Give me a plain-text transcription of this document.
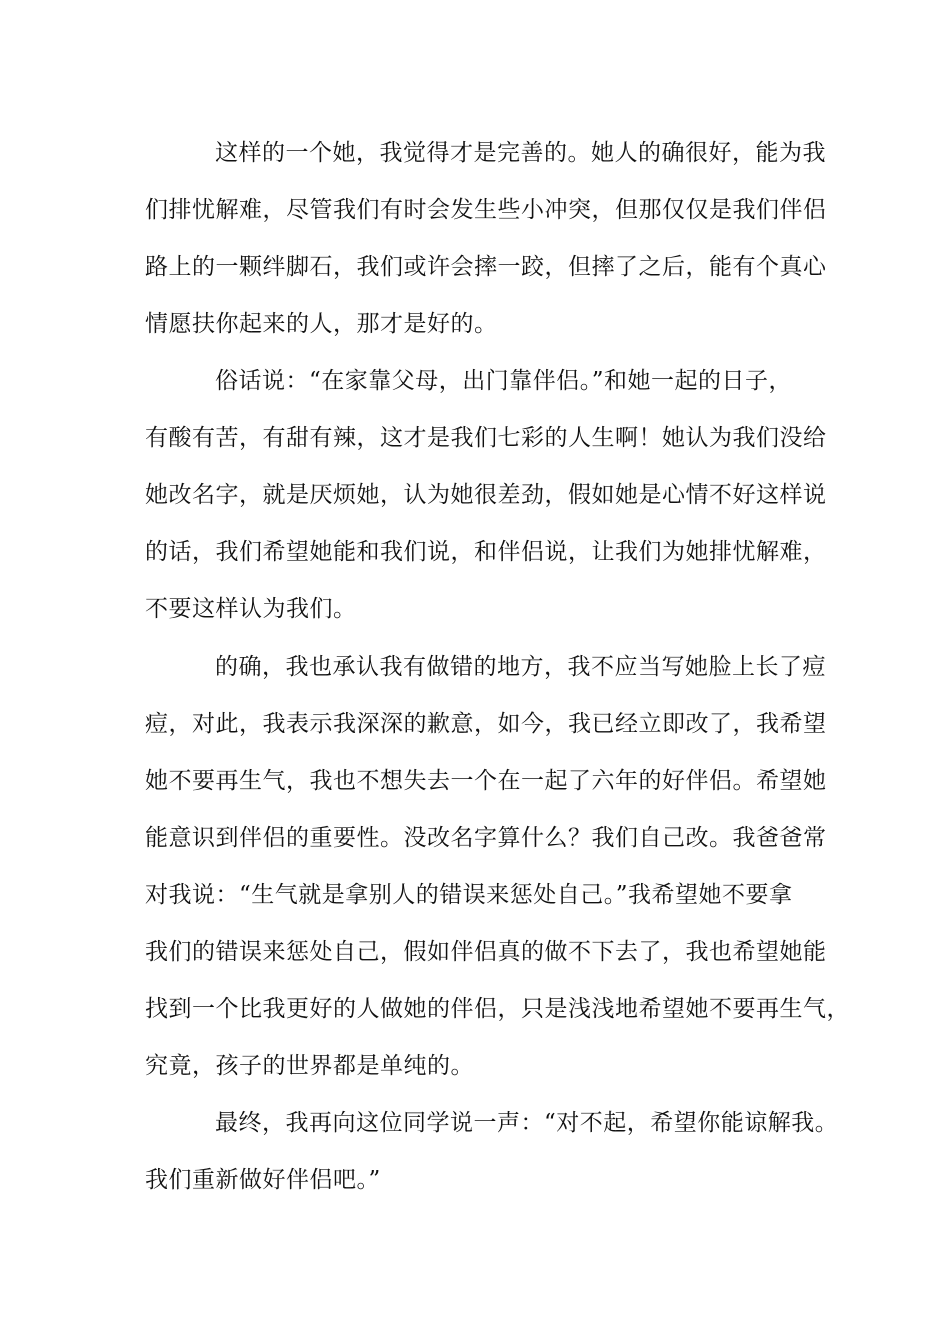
这样的一个她，我觉得才是完善的。她人的确很好，能为我
们排忧解难，尽管我们有时会发生些小冲突，但那仅仅是我们伴侣
路上的一颗绊脚石，我们或许会摔一跤，但摔了之后，能有个真心
情愿扶你起来的人，那才是好的。
俗话说：“在家靠父母，出门靠伴侣。”和她一起的日子，
有酸有苦，有甜有辣，这才是我们七彩的人生啊！她认为我们没给
她改名字，就是厌烦她，认为她很差劲，假如她是心情不好这样说
的话，我们希望她能和我们说，和伴侣说，让我们为她排忧解难，
不要这样认为我们。
的确，我也承认我有做错的地方，我不应当写她脸上长了痘
痘，对此，我表示我深深的歉意，如今，我已经立即改了，我希望
她不要再生气，我也不想失去一个在一起了六年的好伴侣。希望她
能意识到伴侣的重要性。没改名字算什么？我们自己改。我爸爸常
对我说：“生气就是拿别人的错误来惩处自己。”我希望她不要拿
我们的错误来惩处自己，假如伴侣真的做不下去了，我也希望她能
找到一个比我更好的人做她的伴侣，只是浅浅地希望她不要再生气，
究竟，孩子的世界都是单纯的。
最终，我再向这位同学说一声：“对不起，希望你能谅解我。
我们重新做好伴侣吧。”
